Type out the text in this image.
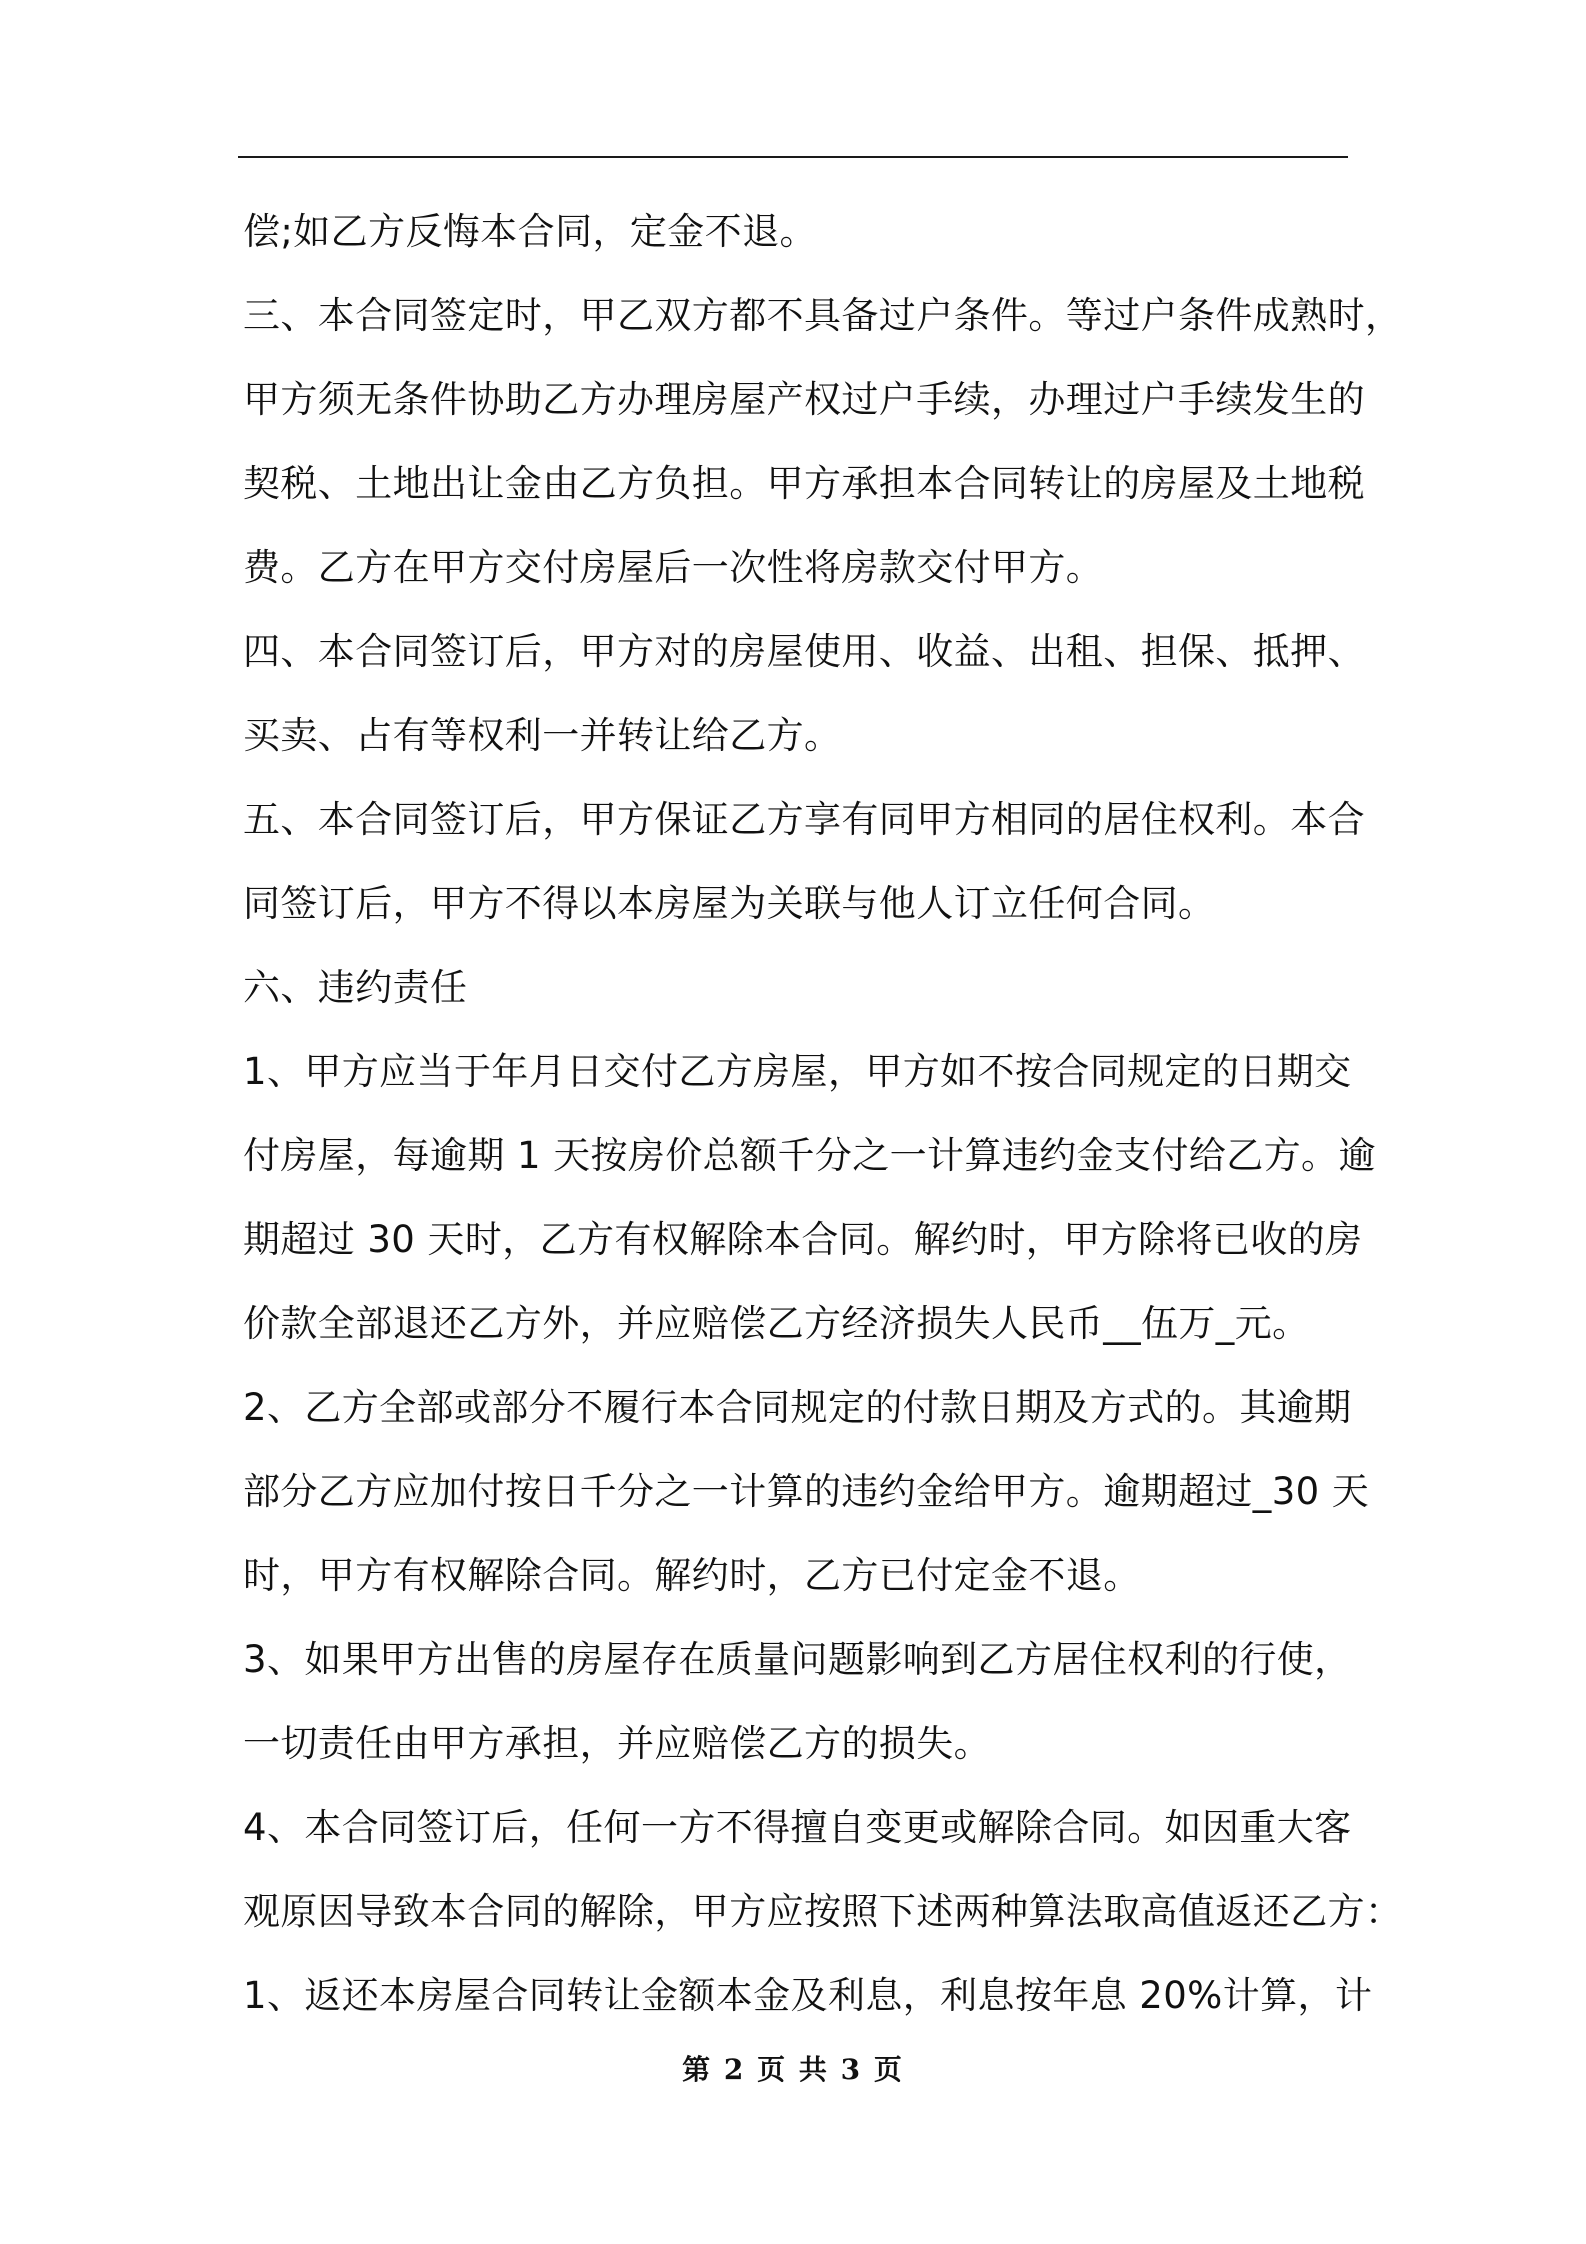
偿;如乙方反悔本合同，定金不退。
三、本合同签定时，甲乙双方都不具备过户条件。等过户条件成熟时，
甲方须无条件协助乙方办理房屋产权过户手续，办理过户手续发生的
契税、土地出让金由乙方负担。甲方承担本合同转让的房屋及土地税
费。乙方在甲方交付房屋后一次性将房款交付甲方。
四、本合同签订后，甲方对的房屋使用、收益、出租、担保、抵押、
买卖、占有等权利一并转让给乙方。
五、本合同签订后，甲方保证乙方享有同甲方相同的居住权利。本合
同签订后，甲方不得以本房屋为关联与他人订立任何合同。
六、违约责任
1、甲方应当于年月日交付乙方房屋，甲方如不按合同规定的日期交
付房屋，每逾期 1 天按房价总额千分之一计算违约金支付给乙方。逾
期超过 30 天时，乙方有权解除本合同。解约时，甲方除将已收的房
价款全部退还乙方外，并应赔偿乙方经济损失人民币__伍万_元。
2、乙方全部或部分不履行本合同规定的付款日期及方式的。其逾期
部分乙方应加付按日千分之一计算的违约金给甲方。逾期超过_30 天
时，甲方有权解除合同。解约时，乙方已付定金不退。
3、如果甲方出售的房屋存在质量问题影响到乙方居住权利的行使，
一切责任由甲方承担，并应赔偿乙方的损失。
4、本合同签订后，任何一方不得擅自变更或解除合同。如因重大客
观原因导致本合同的解除，甲方应按照下述两种算法取高值返还乙方：
1、返还本房屋合同转让金额本金及利息，利息按年息 20%计算，计
第 2 页 共 3 页
